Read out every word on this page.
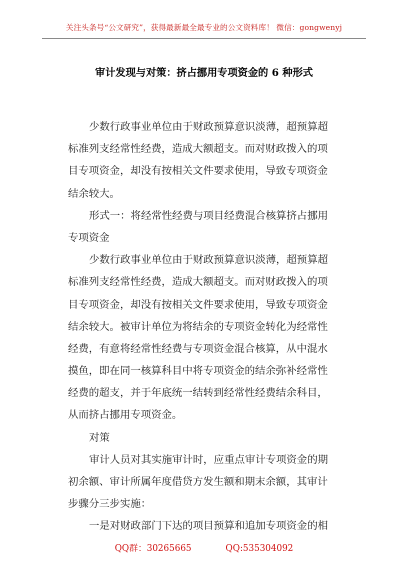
关注头条号“公文研究”，获得最新最全最专业的公文资料库！ 微信：gongwenyj
审计发现与对策：挤占挪用专项资金的 6 种形式
少数行政事业单位由于财政预算意识淡薄，超预算超
标准列支经常性经费，造成大额超支。而对财政拨入的项
目专项资金，却没有按相关文件要求使用，导致专项资金
结余较大。
形式一：将经常性经费与项目经费混合核算挤占挪用
专项资金
少数行政事业单位由于财政预算意识淡薄，超预算超
标准列支经常性经费，造成大额超支。而对财政拨入的项
目专项资金，却没有按相关文件要求使用，导致专项资金
结余较大。被审计单位为将结余的专项资金转化为经常性
经费，有意将经常性经费与专项资金混合核算，从中混水
摸鱼，即在同一核算科目中将专项资金的结余弥补经常性
经费的超支，并于年底统一结转到经常性经费结余科目，
从而挤占挪用专项资金。
对策
审计人员对其实施审计时，应重点审计专项资金的期
初余额、审计所属年度借贷方发生额和期末余额，其审计
步骤分三步实施：
一是对财政部门下达的项目预算和追加专项资金的相
QQ群：30265665	QQ:535304092
